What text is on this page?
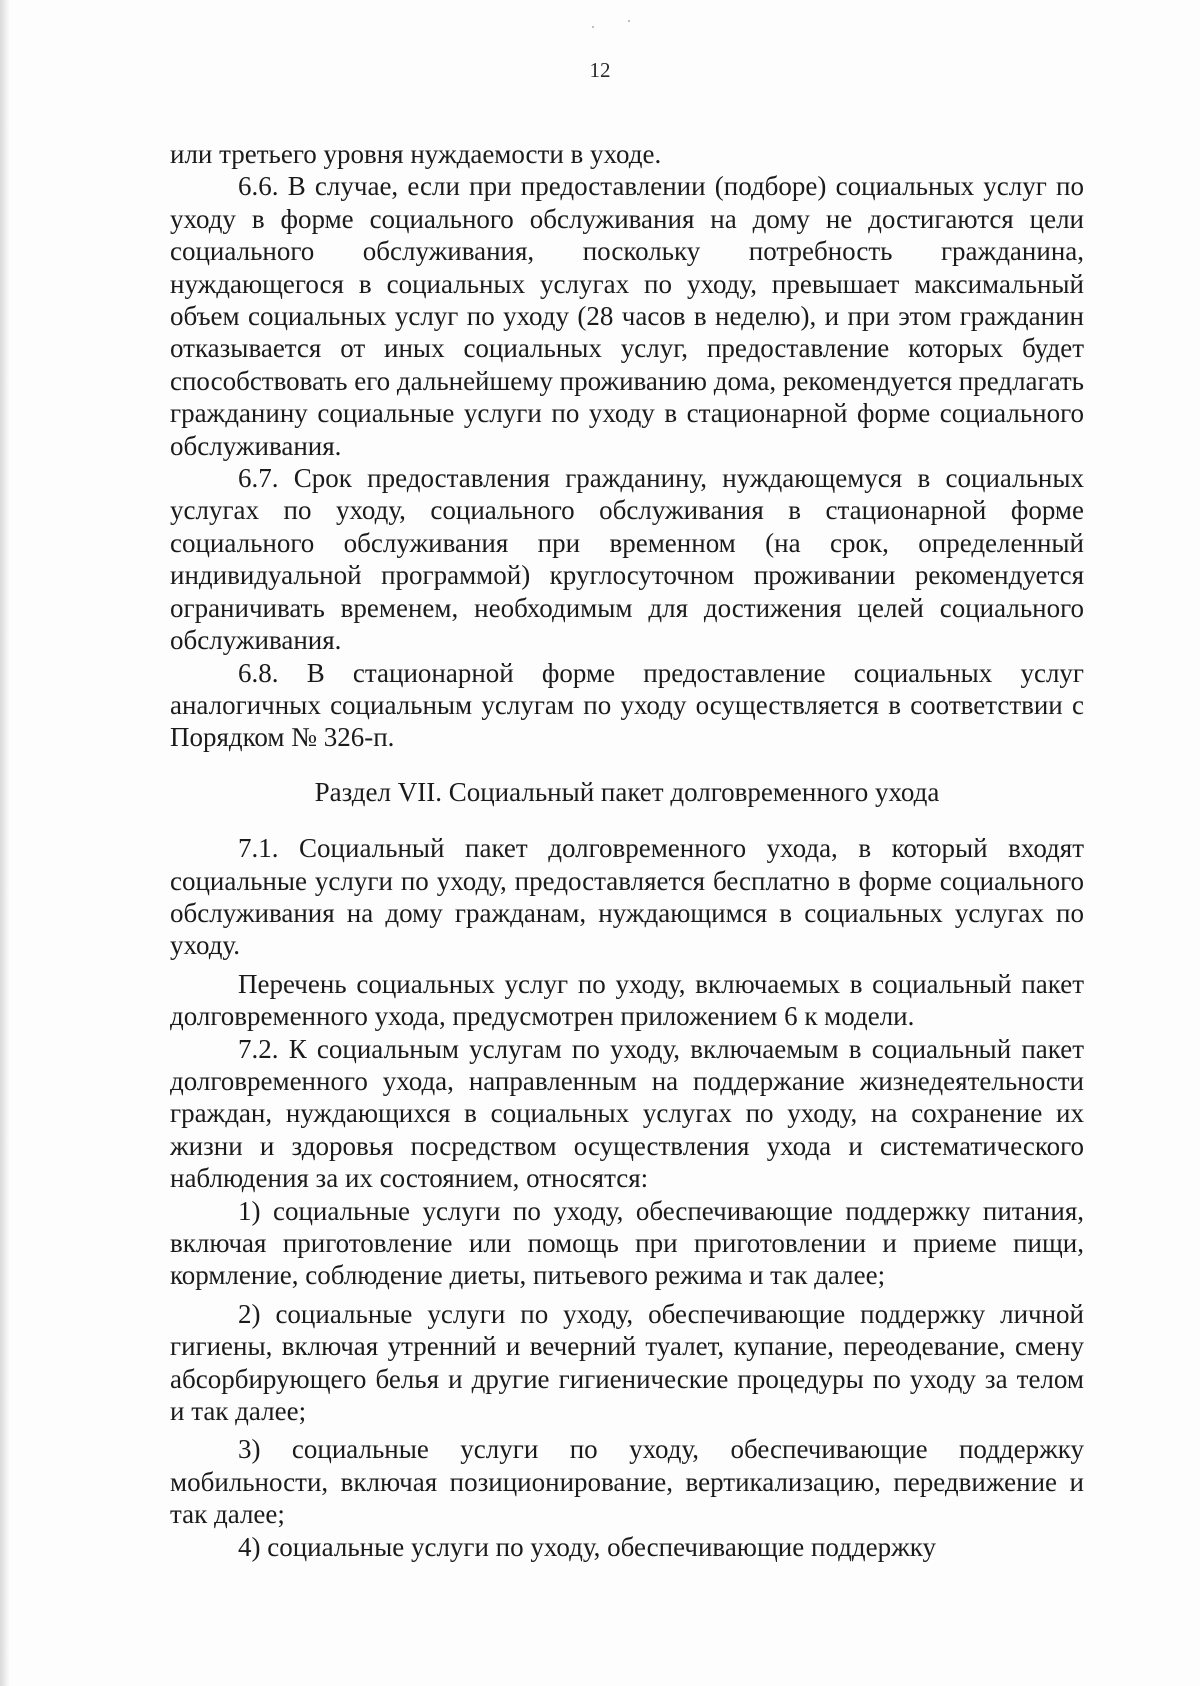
12

или третьего уровня нуждаемости в уходе.

6.6. В случае, если при предоставлении (подборе) социальных услуг по уходу в форме социального обслуживания на дому не достигаются цели социального обслуживания, поскольку потребность гражданина, нуждающегося в социальных услугах по уходу, превышает максимальный объем социальных услуг по уходу (28 часов в неделю), и при этом гражданин отказывается от иных социальных услуг, предоставление которых будет способствовать его дальнейшему проживанию дома, рекомендуется предлагать гражданину социальные услуги по уходу в стационарной форме социального обслуживания.

6.7. Срок предоставления гражданину, нуждающемуся в социальных услугах по уходу, социального обслуживания в стационарной форме социального обслуживания при временном (на срок, определенный индивидуальной программой) круглосуточном проживании рекомендуется ограничивать временем, необходимым для достижения целей социального обслуживания.

6.8. В стационарной форме предоставление социальных услуг аналогичных социальным услугам по уходу осуществляется в соответствии с Порядком № 326-п.

Раздел VII. Социальный пакет долговременного ухода

7.1. Социальный пакет долговременного ухода, в который входят социальные услуги по уходу, предоставляется бесплатно в форме социального обслуживания на дому гражданам, нуждающимся в социальных услугах по уходу.

Перечень социальных услуг по уходу, включаемых в социальный пакет долговременного ухода, предусмотрен приложением 6 к модели.

7.2. К социальным услугам по уходу, включаемым в социальный пакет долговременного ухода, направленным на поддержание жизнедеятельности граждан, нуждающихся в социальных услугах по уходу, на сохранение их жизни и здоровья посредством осуществления ухода и систематического наблюдения за их состоянием, относятся:

1) социальные услуги по уходу, обеспечивающие поддержку питания, включая приготовление или помощь при приготовлении и приеме пищи, кормление, соблюдение диеты, питьевого режима и так далее;

2) социальные услуги по уходу, обеспечивающие поддержку личной гигиены, включая утренний и вечерний туалет, купание, переодевание, смену абсорбирующего белья и другие гигиенические процедуры по уходу за телом и так далее;

3) социальные услуги по уходу, обеспечивающие поддержку мобильности, включая позиционирование, вертикализацию, передвижение и так далее;

4) социальные услуги по уходу, обеспечивающие поддержку
